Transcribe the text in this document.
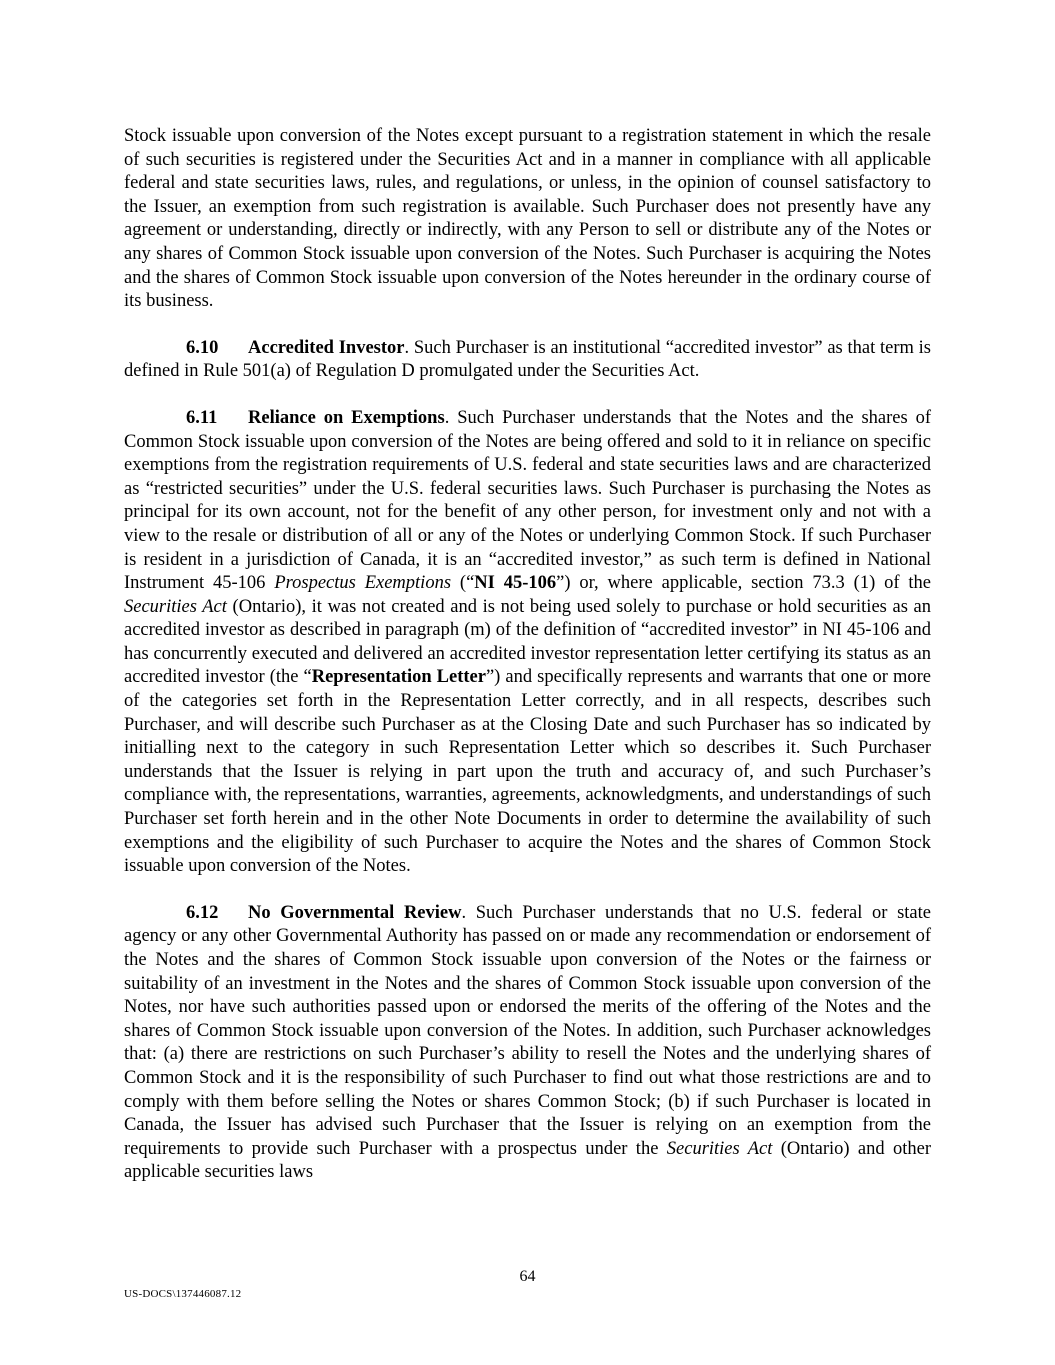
Stock issuable upon conversion of the Notes except pursuant to a registration statement in which the resale of such securities is registered under the Securities Act and in a manner in compliance with all applicable federal and state securities laws, rules, and regulations, or unless, in the opinion of counsel satisfactory to the Issuer, an exemption from such registration is available. Such Purchaser does not presently have any agreement or understanding, directly or indirectly, with any Person to sell or distribute any of the Notes or any shares of Common Stock issuable upon conversion of the Notes. Such Purchaser is acquiring the Notes and the shares of Common Stock issuable upon conversion of the Notes hereunder in the ordinary course of its business.

6.10 Accredited Investor. Such Purchaser is an institutional “accredited investor” as that term is defined in Rule 501(a) of Regulation D promulgated under the Securities Act.

6.11 Reliance on Exemptions. Such Purchaser understands that the Notes and the shares of Common Stock issuable upon conversion of the Notes are being offered and sold to it in reliance on specific exemptions from the registration requirements of U.S. federal and state securities laws and are characterized as “restricted securities” under the U.S. federal securities laws. Such Purchaser is purchasing the Notes as principal for its own account, not for the benefit of any other person, for investment only and not with a view to the resale or distribution of all or any of the Notes or underlying Common Stock. If such Purchaser is resident in a jurisdiction of Canada, it is an “accredited investor,” as such term is defined in National Instrument 45-106 Prospectus Exemptions (“NI 45-106”) or, where applicable, section 73.3 (1) of the Securities Act (Ontario), it was not created and is not being used solely to purchase or hold securities as an accredited investor as described in paragraph (m) of the definition of “accredited investor” in NI 45-106 and has concurrently executed and delivered an accredited investor representation letter certifying its status as an accredited investor (the “Representation Letter”) and specifically represents and warrants that one or more of the categories set forth in the Representation Letter correctly, and in all respects, describes such Purchaser, and will describe such Purchaser as at the Closing Date and such Purchaser has so indicated by initialling next to the category in such Representation Letter which so describes it. Such Purchaser understands that the Issuer is relying in part upon the truth and accuracy of, and such Purchaser’s compliance with, the representations, warranties, agreements, acknowledgments, and understandings of such Purchaser set forth herein and in the other Note Documents in order to determine the availability of such exemptions and the eligibility of such Purchaser to acquire the Notes and the shares of Common Stock issuable upon conversion of the Notes.

6.12 No Governmental Review. Such Purchaser understands that no U.S. federal or state agency or any other Governmental Authority has passed on or made any recommendation or endorsement of the Notes and the shares of Common Stock issuable upon conversion of the Notes or the fairness or suitability of an investment in the Notes and the shares of Common Stock issuable upon conversion of the Notes, nor have such authorities passed upon or endorsed the merits of the offering of the Notes and the shares of Common Stock issuable upon conversion of the Notes. In addition, such Purchaser acknowledges that: (a) there are restrictions on such Purchaser’s ability to resell the Notes and the underlying shares of Common Stock and it is the responsibility of such Purchaser to find out what those restrictions are and to comply with them before selling the Notes or shares Common Stock; (b) if such Purchaser is located in Canada, the Issuer has advised such Purchaser that the Issuer is relying on an exemption from the requirements to provide such Purchaser with a prospectus under the Securities Act (Ontario) and other applicable securities laws

64
US-DOCS\137446087.12
